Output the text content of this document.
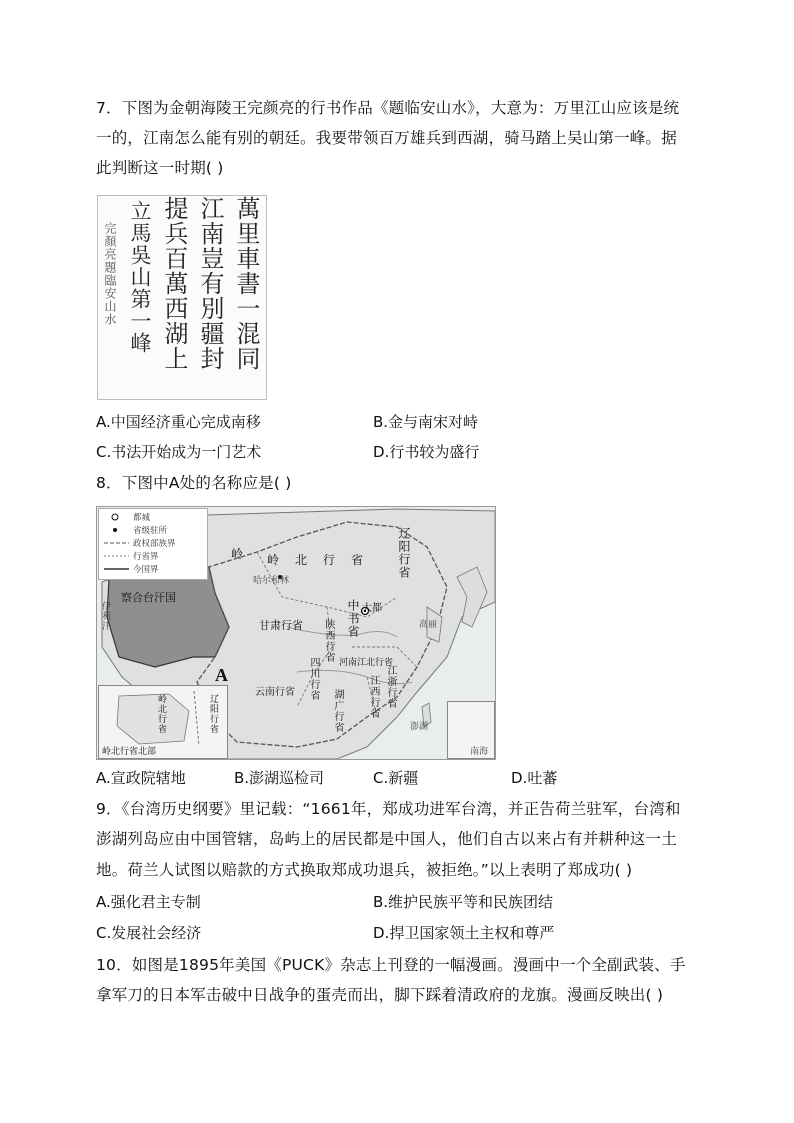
7．下图为金朝海陵王完颜亮的行书作品《题临安山水》，大意为：万里江山应该是统
一的，江南怎么能有别的朝廷。我要带领百万雄兵到西湖，骑马踏上吴山第一峰。据
此判断这一时期( )
萬里車書一混同
江南豈有別疆封
提兵百萬西湖上
立馬吳山第一峰
完顏亮題臨安山水
A.中国经济重心完成南移	B.金与南宋对峙
C.书法开始成为一门艺术	D.行书较为盛行
8．下图中A处的名称应是( )
都城
省级驻所
政权部族界
行省界
今国界
岭 岭北行省
哈尔和林
辽阳行省
察合台汗国
伊利汗	甘肃行省	中书省 大都
陕西行省 河南江北行省
四川行省
云南行省	湖广行省	江西行省 江浙行省
高丽
澎湖
A
岭北行省	辽阳行省
岭北行省北部	南海
A.宣政院辖地	B.澎湖巡检司	C.新疆	D.吐蕃
9．《台湾历史纲要》里记载：“1661年，郑成功进军台湾，并正告荷兰驻军，台湾和
澎湖列岛应由中国管辖，岛屿上的居民都是中国人，他们自古以来占有并耕种这一土
地。荷兰人试图以赔款的方式换取郑成功退兵，被拒绝。”以上表明了郑成功( )
A.强化君主专制	B.维护民族平等和民族团结
C.发展社会经济	D.捍卫国家领土主权和尊严
10．如图是1895年美国《PUCK》杂志上刊登的一幅漫画。漫画中一个全副武装、手
拿军刀的日本军击破中日战争的蛋壳而出，脚下踩着清政府的龙旗。漫画反映出( )
